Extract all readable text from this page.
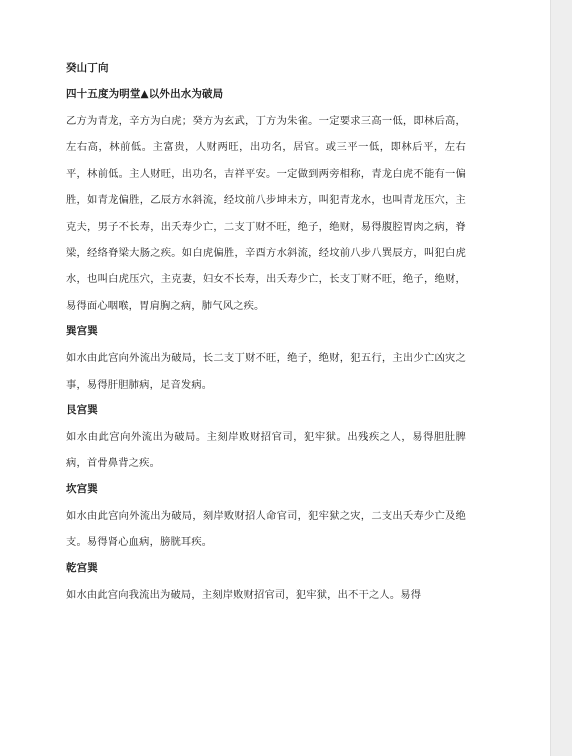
癸山丁向

四十五度为明堂▲以外出水为破局

乙方为青龙，辛方为白虎；癸方为玄武，丁方为朱雀。一定要求三高一低，即林后高，左右高，林前低。主富贵，人财两旺，出功名，居官。或三平一低，即林后平，左右平，林前低。主人财旺，出功名，吉祥平安。一定做到两旁相称，青龙白虎不能有一偏胜，如青龙偏胜，乙辰方水斜流，经坟前八步坤未方，叫犯青龙水，也叫青龙压穴，主克夫，男子不长寿，出夭寿少亡，二支丁财不旺，绝子，绝财，易得腹腔胃肉之病，脊梁，经络脊梁大肠之疾。如白虎偏胜，辛酉方水斜流，经坟前八步八巽辰方，叫犯白虎水，也叫白虎压穴，主克妻，妇女不长寿，出夭寿少亡，长支丁财不旺，绝子，绝财，易得面心咽喉，胃肩胸之病，肺气风之疾。

巽宫巽

如水由此宫向外流出为破局，长二支丁财不旺，绝子，绝财，犯五行，主出少亡凶灾之事，易得肝胆肺病，足音发病。

艮宫巽

如水由此宫向外流出为破局。主刻岸败财招官司，犯牢狱。出残疾之人，易得胆肚脾病，首骨鼻背之疾。

坎宫巽

如水由此宫向外流出为破局，刻岸败财招人命官司，犯牢狱之灾，二支出夭寿少亡及绝支。易得肾心血病，膀胱耳疾。

乾宫巽

如水由此宫向我流出为破局，主刻岸败财招官司，犯牢狱，出不干之人。易得
